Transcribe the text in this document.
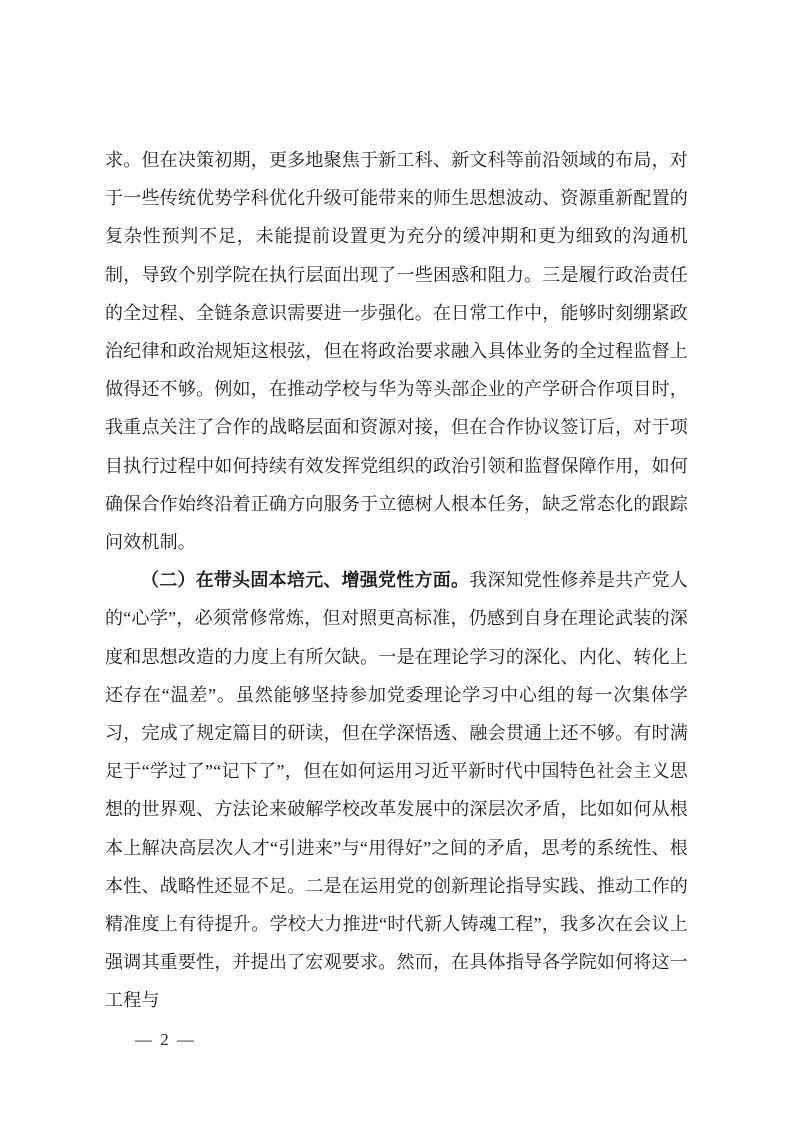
求。但在决策初期，更多地聚焦于新工科、新文科等前沿领域的布局，对于一些传统优势学科优化升级可能带来的师生思想波动、资源重新配置的复杂性预判不足，未能提前设置更为充分的缓冲期和更为细致的沟通机制，导致个别学院在执行层面出现了一些困惑和阻力。三是履行政治责任的全过程、全链条意识需要进一步强化。在日常工作中，能够时刻绷紧政治纪律和政治规矩这根弦，但在将政治要求融入具体业务的全过程监督上做得还不够。例如，在推动学校与华为等头部企业的产学研合作项目时，我重点关注了合作的战略层面和资源对接，但在合作协议签订后，对于项目执行过程中如何持续有效发挥党组织的政治引领和监督保障作用，如何确保合作始终沿着正确方向服务于立德树人根本任务，缺乏常态化的跟踪问效机制。

（二）在带头固本培元、增强党性方面。我深知党性修养是共产党人的“心学”，必须常修常炼，但对照更高标准，仍感到自身在理论武装的深度和思想改造的力度上有所欠缺。一是在理论学习的深化、内化、转化上还存在“温差”。虽然能够坚持参加党委理论学习中心组的每一次集体学习，完成了规定篇目的研读，但在学深悟透、融会贯通上还不够。有时满足于“学过了”“记下了”，但在如何运用习近平新时代中国特色社会主义思想的世界观、方法论来破解学校改革发展中的深层次矛盾，比如如何从根本上解决高层次人才“引进来”与“用得好”之间的矛盾，思考的系统性、根本性、战略性还显不足。二是在运用党的创新理论指导实践、推动工作的精准度上有待提升。学校大力推进“时代新人铸魂工程”，我多次在会议上强调其重要性，并提出了宏观要求。然而，在具体指导各学院如何将这一工程与

— 2 —
